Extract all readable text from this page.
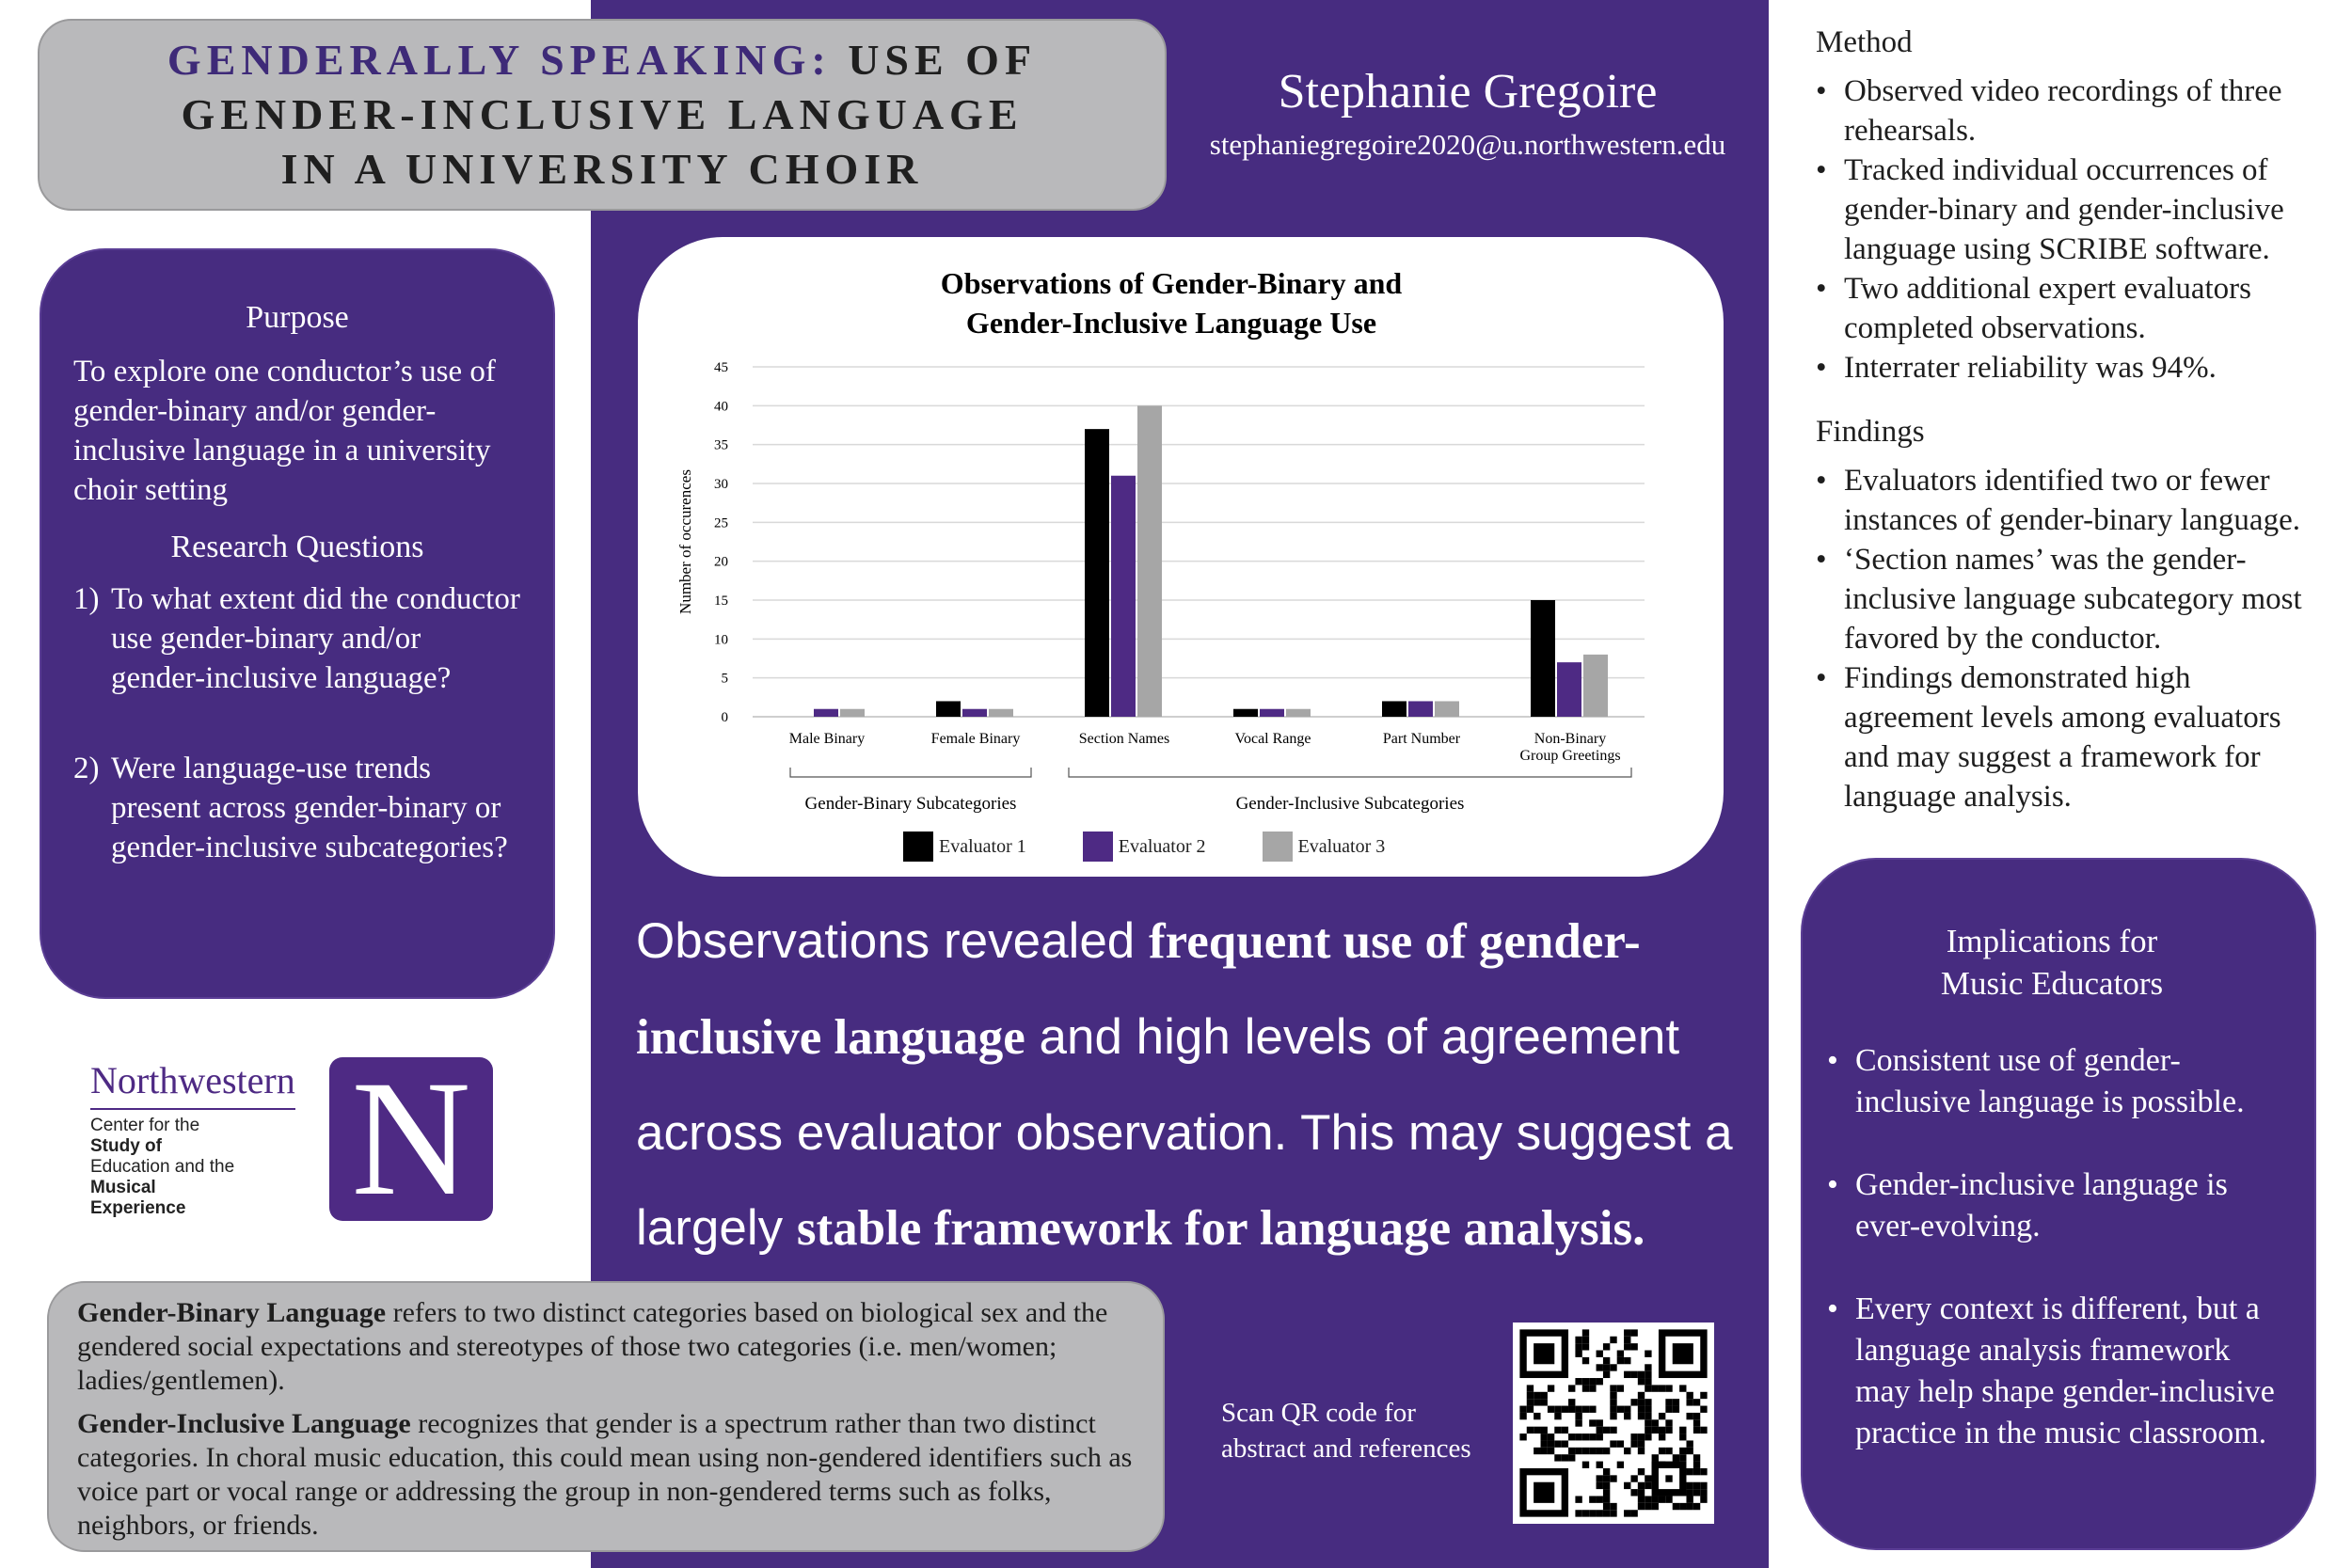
GENDERALLY SPEAKING: USE OF
GENDER-INCLUSIVE LANGUAGE
IN A UNIVERSITY CHOIR
Stephanie Gregoire
stephaniegregoire2020@u.northwestern.edu
Purpose
To explore one conductor’s use of gender-binary and/or gender-inclusive language in a university choir setting
Research Questions
1) To what extent did the conductor use gender-binary and/or gender-inclusive language?
2) Were language-use trends present across gender-binary or gender-inclusive subcategories?
Northwestern
Center for the
Study of
Education and the
Musical
Experience	N

Gender-Binary Language refers to two distinct categories based on biological sex and the gendered social expectations and stereotypes of those two categories (i.e. men/women; ladies/gentlemen).

Gender-Inclusive Language recognizes that gender is a spectrum rather than two distinct categories. In choral music education, this could mean using non-gendered identifiers such as voice part or vocal range or addressing the group in non-gendered terms such as folks, neighbors, or friends.

Observations of Gender-Binary and
Gender-Inclusive Language Use
0
5
10
15
20
25
30
35
40
45
Number of occurences
Male Binary	Female Binary	Section Names	Vocal Range	Part Number	Non-Binary
Group Greetings
Gender-Binary Subcategories	Gender-Inclusive Subcategories
Evaluator 1	Evaluator 2	Evaluator 3
Observations revealed frequent use of gender-inclusive language and high levels of agreement across evaluator observation. This may suggest a largely stable framework for language analysis.
Scan QR code for abstract and references
Method
• Observed video recordings of three rehearsals.
• Tracked individual occurrences of gender-binary and gender-inclusive language using SCRIBE software.
• Two additional expert evaluators completed observations.
• Interrater reliability was 94%.
Findings
• Evaluators identified two or fewer instances of gender-binary language.
• ‘Section names’ was the gender-inclusive language subcategory most favored by the conductor.
• Findings demonstrated high agreement levels among evaluators and may suggest a framework for language analysis.
Implications for
Music Educators
• Consistent use of gender-inclusive language is possible.
• Gender-inclusive language is ever-evolving.
• Every context is different, but a language analysis framework may help shape gender-inclusive practice in the music classroom.
